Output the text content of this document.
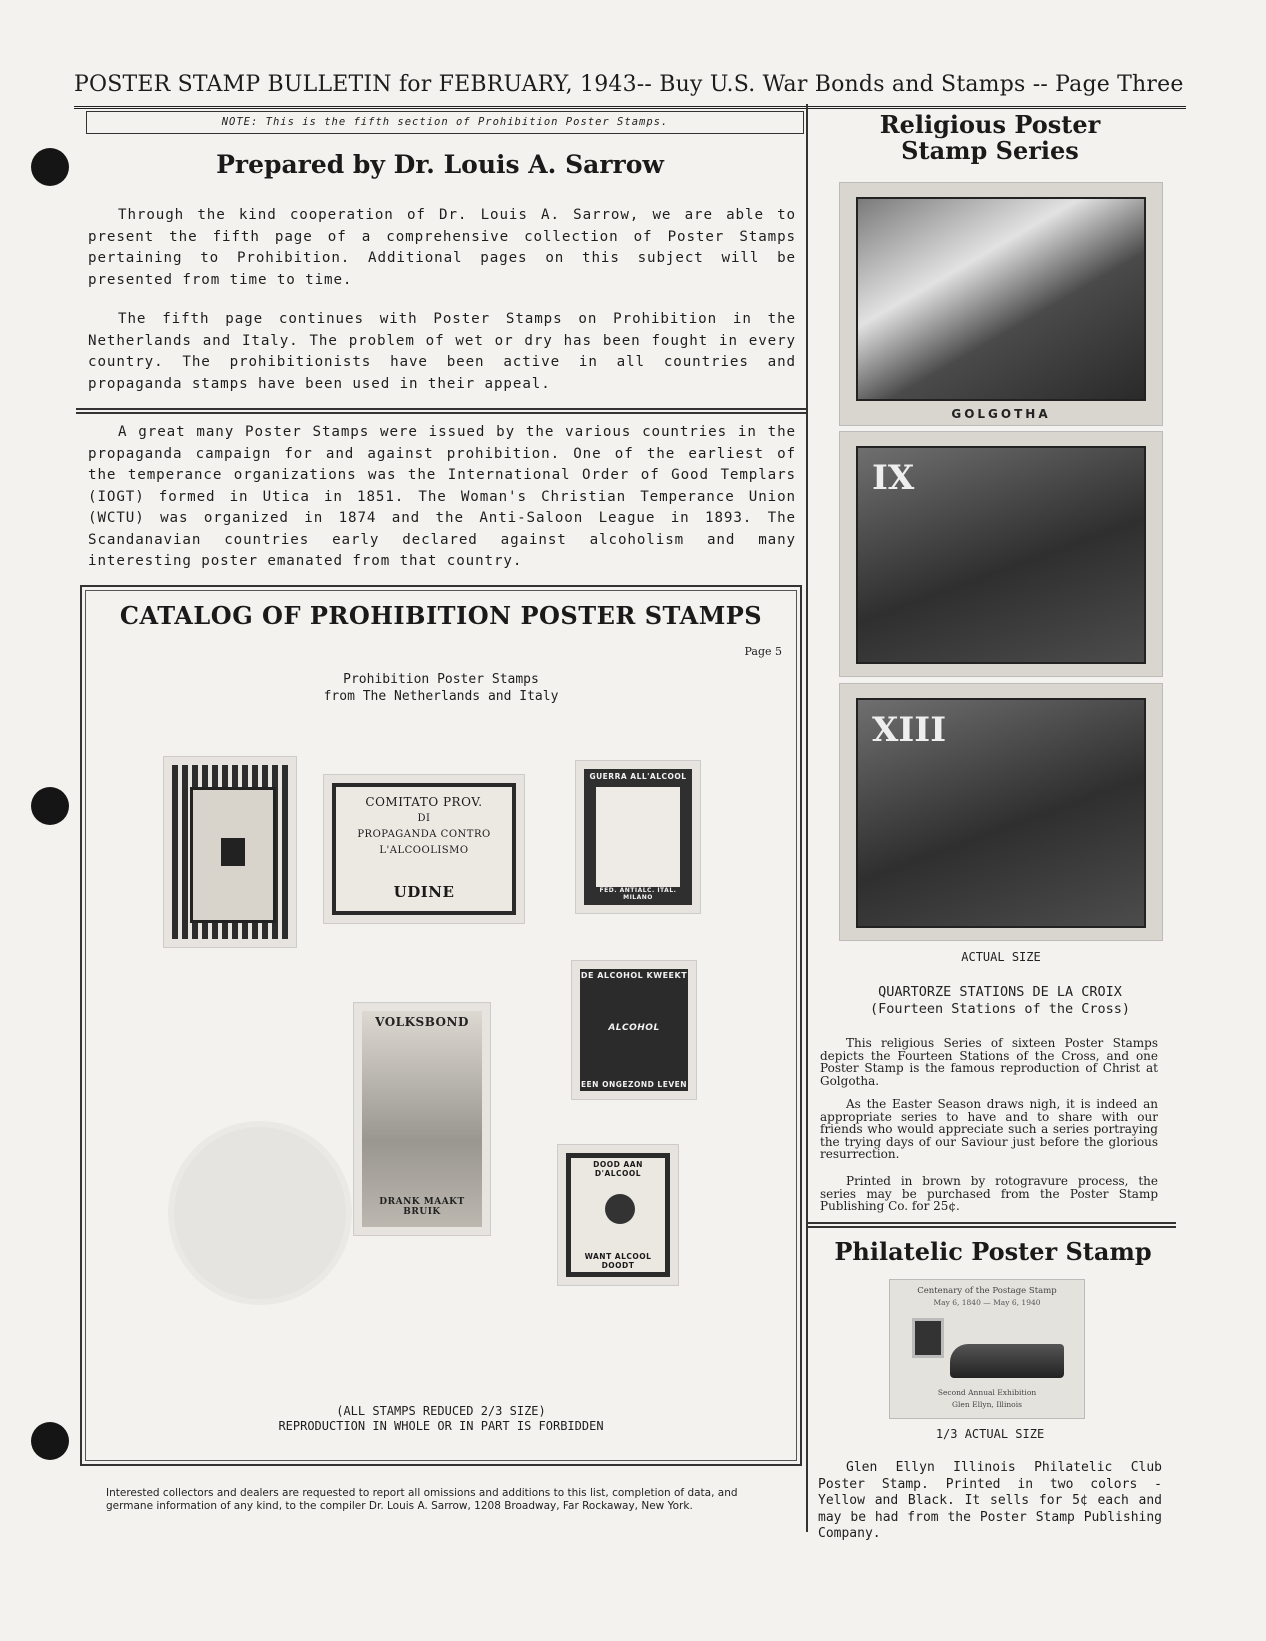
POSTER STAMP BULLETIN for FEBRUARY, 1943-- Buy U.S. War Bonds and Stamps -- Page Three
NOTE: This is the fifth section of Prohibition Poster Stamps.
Prepared by Dr. Louis A. Sarrow
Through the kind cooperation of Dr. Louis A. Sarrow, we are able to present the fifth page of a comprehensive collection of Poster Stamps pertaining to Prohibition. Additional pages on this subject will be presented from time to time.
The fifth page continues with Poster Stamps on Prohibition in the Netherlands and Italy. The problem of wet or dry has been fought in every country. The prohibitionists have been active in all countries and propaganda stamps have been used in their appeal.
A great many Poster Stamps were issued by the various countries in the propaganda campaign for and against prohibition. One of the earliest of the temperance organizations was the International Order of Good Templars (IOGT) formed in Utica in 1851. The Woman's Christian Temperance Union (WCTU) was organized in 1874 and the Anti-Saloon League in 1893. The Scandanavian countries early declared against alcoholism and many interesting poster emanated from that country.
CATALOG OF PROHIBITION POSTER STAMPS
Page 5
Prohibition Poster Stamps
from The Netherlands and Italy
COMITATO PROV.
DI
PROPAGANDA CONTRO
L'ALCOOLISMO
UDINE
GUERRA ALL'ALCOOL
FED. ANTIALC. ITAL. MILANO
DE ALCOHOL KWEEKT
ALCOHOL
EEN ONGEZOND LEVEN
VOLKSBOND
DRANK MAAKT BRUIK
DOOD AAN D'ALCOOL
WANT ALCOOL DOODT
(ALL STAMPS REDUCED 2/3 SIZE)
REPRODUCTION IN WHOLE OR IN PART IS FORBIDDEN
Interested collectors and dealers are requested to report all omissions and additions to this list, completion of data, and germane information of any kind, to the compiler Dr. Louis A. Sarrow, 1208 Broadway, Far Rockaway, New York.
Religious Poster
Stamp Series
GOLGOTHA
IX
XIII
ACTUAL SIZE
QUARTORZE STATIONS DE LA CROIX
(Fourteen Stations of the Cross)
This religious Series of sixteen Poster Stamps depicts the Fourteen Stations of the Cross, and one Poster Stamp is the famous reproduction of Christ at Golgotha.
As the Easter Season draws nigh, it is indeed an appropriate series to have and to share with our friends who would appreciate such a series portraying the trying days of our Saviour just before the glorious resurrection.
Printed in brown by rotogravure process, the series may be purchased from the Poster Stamp Publishing Co. for 25¢.
Philatelic Poster Stamp
Centenary of the Postage Stamp
May 6, 1840 — May 6, 1940
Second Annual Exhibition
Glen Ellyn, Illinois
1/3 ACTUAL SIZE
Glen Ellyn Illinois Philatelic Club Poster Stamp. Printed in two colors - Yellow and Black. It sells for 5¢ each and may be had from the Poster Stamp Publishing Company.
